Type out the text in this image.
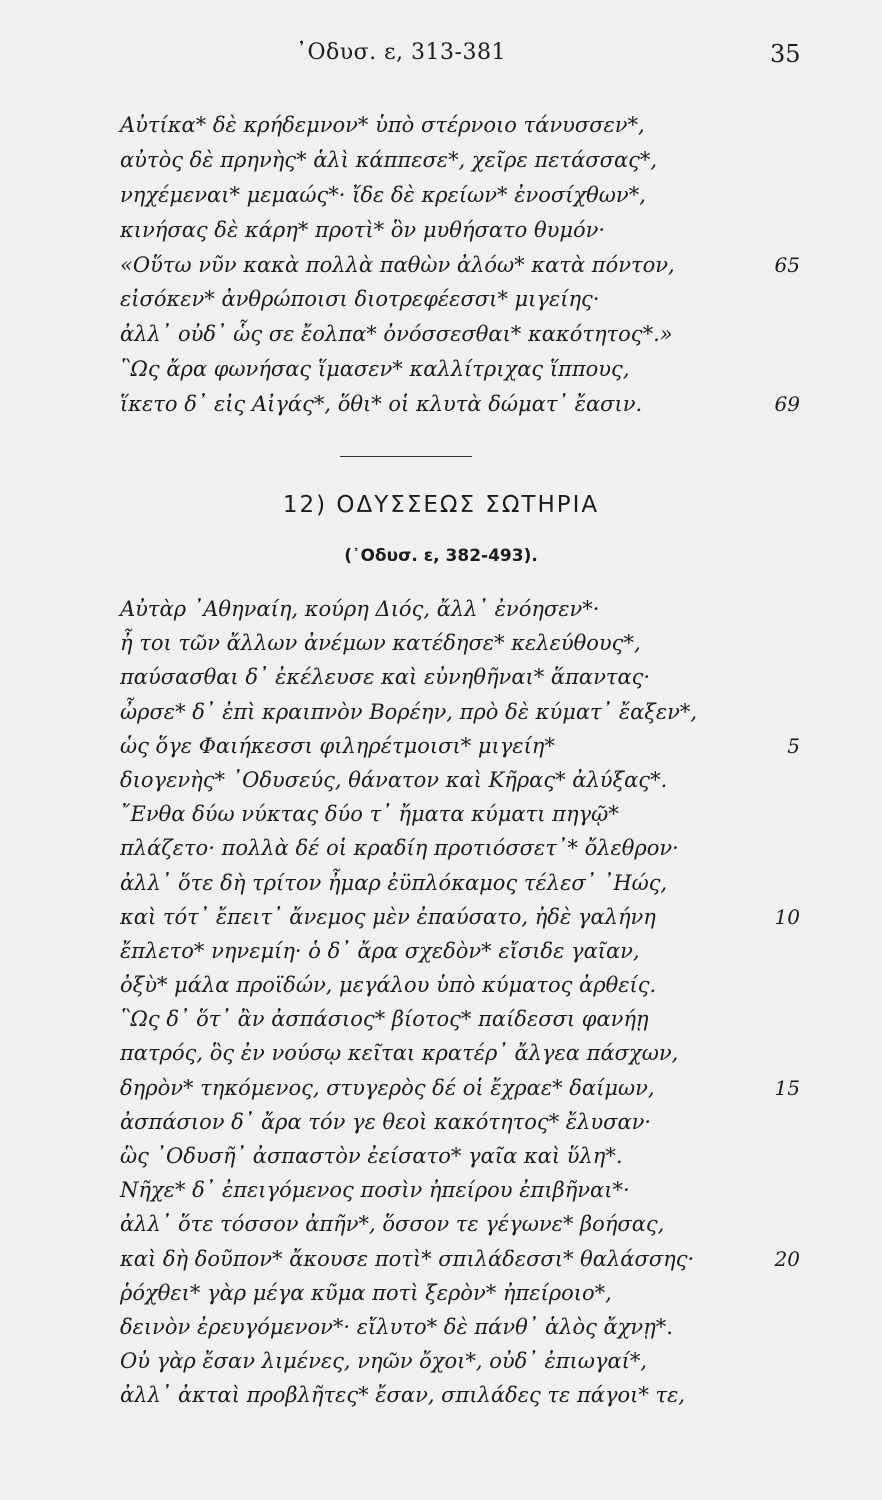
᾿Οδυσ. ε, 313-381	35
Αὐτίκα* δὲ κρήδεμνον* ὑπὸ στέρνοιο τάνυσσεν*,
αὐτὸς δὲ πρηνὴς* ἁλὶ κάππεσε*, χεῖρε πετάσσας*,
νηχέμεναι* μεμαώς*· ἴδε δὲ κρείων* ἐνοσίχθων*,
κινήσας δὲ κάρη* προτὶ* ὃν μυθήσατο θυμόν·
«Οὕτω νῦν κακὰ πολλὰ παθὼν ἀλόω* κατὰ πόντον,	65
εἰσόκεν* ἀνθρώποισι διοτρεφέεσσι* μιγείης·
ἀλλ᾿ οὐδ᾿ ὧς σε ἔολπα* ὀνόσσεσθαι* κακότητος*.»
῝Ως ἄρα φωνήσας ἵμασεν* καλλίτριχας ἵππους,
ἵκετο δ᾿ εἰς Αἰγάς*, ὅθι* οἱ κλυτὰ δώματ᾿ ἔασιν.	69
12) ΟΔΥΣΣΕΩΣ ΣΩΤΗΡΙΑ
(᾿Οδυσ. ε, 382-493).
Αὐτὰρ ᾿Αθηναίη, κούρη Διός, ἄλλ᾿ ἐνόησεν*·
ἦ τοι τῶν ἄλλων ἀνέμων κατέδησε* κελεύθους*,
παύσασθαι δ᾿ ἐκέλευσε καὶ εὐνηθῆναι* ἅπαντας·
ὦρσε* δ᾿ ἐπὶ κραιπνὸν Βορέην, πρὸ δὲ κύματ᾿ ἔαξεν*,
ὡς ὅγε Φαιήκεσσι φιληρέτμοισι* μιγείη*	5
διογενὴς* ᾿Οδυσεύς, θάνατον καὶ Κῆρας* ἀλύξας*.
῎Ενθα δύω νύκτας δύο τ᾿ ἤματα κύματι πηγῷ*
πλάζετο· πολλὰ δέ οἱ κραδίη προτιόσσετ᾿* ὄλεθρον·
ἀλλ᾿ ὅτε δὴ τρίτον ἦμαρ ἐϋπλόκαμος τέλεσ᾿ ᾿Ηώς,
καὶ τότ᾿ ἔπειτ᾿ ἄνεμος μὲν ἐπαύσατο, ἠδὲ γαλήνη	10
ἔπλετο* νηνεμίη· ὁ δ᾿ ἄρα σχεδὸν* εἴσιδε γαῖαν,
ὀξὺ* μάλα προϊδών, μεγάλου ὑπὸ κύματος ἀρθείς.
῝Ως δ᾿ ὅτ᾿ ἂν ἀσπάσιος* βίοτος* παίδεσσι φανήῃ
πατρός, ὃς ἐν νούσῳ κεῖται κρατέρ᾿ ἄλγεα πάσχων,
δηρὸν* τηκόμενος, στυγερὸς δέ οἱ ἔχραε* δαίμων,	15
ἀσπάσιον δ᾿ ἄρα τόν γε θεοὶ κακότητος* ἔλυσαν·
ὣς ᾿Οδυσῆ᾿ ἀσπαστὸν ἐείσατο* γαῖα καὶ ὕλη*.
Νῆχε* δ᾿ ἐπειγόμενος ποσὶν ἠπείρου ἐπιβῆναι*·
ἀλλ᾿ ὅτε τόσσον ἀπῆν*, ὅσσον τε γέγωνε* βοήσας,
καὶ δὴ δοῦπον* ἄκουσε ποτὶ* σπιλάδεσσι* θαλάσσης·	20
ῥόχθει* γὰρ μέγα κῦμα ποτὶ ξερὸν* ἠπείροιο*,
δεινὸν ἐρευγόμενον*· εἴλυτο* δὲ πάνθ᾿ ἁλὸς ἄχνῃ*.
Οὐ γὰρ ἔσαν λιμένες, νηῶν ὄχοι*, οὐδ᾿ ἐπιωγαί*,
ἀλλ᾿ ἀκταὶ προβλῆτες* ἔσαν, σπιλάδες τε πάγοι* τε,
